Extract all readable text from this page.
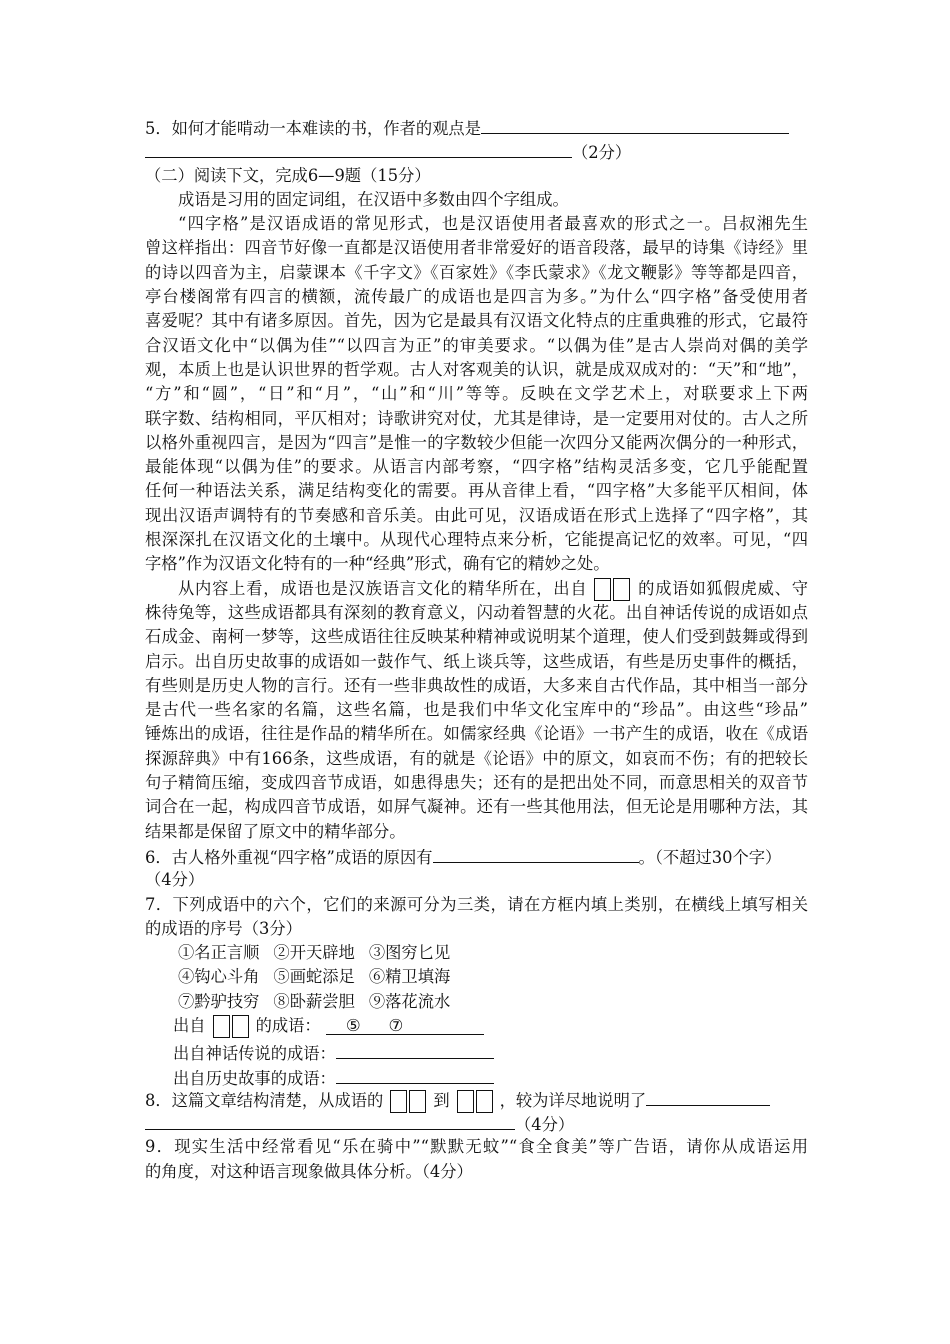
5．如何才能啃动一本难读的书，作者的观点是
（2分）
（二）阅读下文，完成6—9题（15分）
成语是习用的固定词组，在汉语中多数由四个字组成。
“四字格”是汉语成语的常见形式，也是汉语使用者最喜欢的形式之一。吕叔湘先生
曾这样指出：四音节好像一直都是汉语使用者非常爱好的语音段落，最早的诗集《诗经》里
的诗以四音为主，启蒙课本《千字文》《百家姓》《李氏蒙求》《龙文鞭影》等等都是四音，
亭台楼阁常有四言的横额，流传最广的成语也是四言为多。”为什么“四字格”备受使用者
喜爱呢？其中有诸多原因。首先，因为它是最具有汉语文化特点的庄重典雅的形式，它最符
合汉语文化中“以偶为佳”“以四言为正”的审美要求。“以偶为佳”是古人崇尚对偶的美学
观，本质上也是认识世界的哲学观。古人对客观美的认识，就是成双成对的：“天”和“地”，
“方”和“圆”，“日”和“月”，“山”和“川”等等。反映在文学艺术上，对联要求上下两
联字数、结构相同，平仄相对；诗歌讲究对仗，尤其是律诗，是一定要用对仗的。古人之所
以格外重视四言，是因为“四言”是惟一的字数较少但能一次四分又能两次偶分的一种形式，
最能体现“以偶为佳”的要求。从语言内部考察，“四字格”结构灵活多变，它几乎能配置
任何一种语法关系，满足结构变化的需要。再从音律上看，“四字格”大多能平仄相间，体
现出汉语声调特有的节奏感和音乐美。由此可见，汉语成语在形式上选择了“四字格”，其
根深深扎在汉语文化的土壤中。从现代心理特点来分析，它能提高记忆的效率。可见，“四
字格”作为汉语文化特有的一种“经典”形式，确有它的精妙之处。
从内容上看，成语也是汉族语言文化的精华所在，出自	的成语如狐假虎威、守
株待兔等，这些成语都具有深刻的教育意义，闪动着智慧的火花。出自神话传说的成语如点
石成金、南柯一梦等，这些成语往往反映某种精神或说明某个道理，使人们受到鼓舞或得到
启示。出自历史故事的成语如一鼓作气、纸上谈兵等，这些成语，有些是历史事件的概括，
有些则是历史人物的言行。还有一些非典故性的成语，大多来自古代作品，其中相当一部分
是古代一些名家的名篇，这些名篇，也是我们中华文化宝库中的“珍品”。由这些“珍品”
锤炼出的成语，往往是作品的精华所在。如儒家经典《论语》一书产生的成语，收在《成语
探源辞典》中有166条，这些成语，有的就是《论语》中的原文，如哀而不伤；有的把较长
句子精简压缩，变成四音节成语，如患得患失；还有的是把出处不同，而意思相关的双音节
词合在一起，构成四音节成语，如屏气凝神。还有一些其他用法，但无论是用哪种方法，其
结果都是保留了原文中的精华部分。
6．古人格外重视“四字格”成语的原因有	。（不超过30个字）
（4分）
7．下列成语中的六个，它们的来源可分为三类，请在方框内填上类别，在横线上填写相关
的成语的序号（3分）
①名正言顺 ②开天辟地 ③图穷匕见
④钩心斗角 ⑤画蛇添足 ⑥精卫填海
⑦黔驴技穷 ⑧卧薪尝胆 ⑨落花流水
出自	的成语： ⑤ ⑦
出自神话传说的成语：
出自历史故事的成语：
8．这篇文章结构清楚，从成语的	到	，较为详尽地说明了
（4分）
9．现实生活中经常看见“乐在骑中”“默默无蚊”“食全食美”等广告语，请你从成语运用
的角度，对这种语言现象做具体分析。（4分）
